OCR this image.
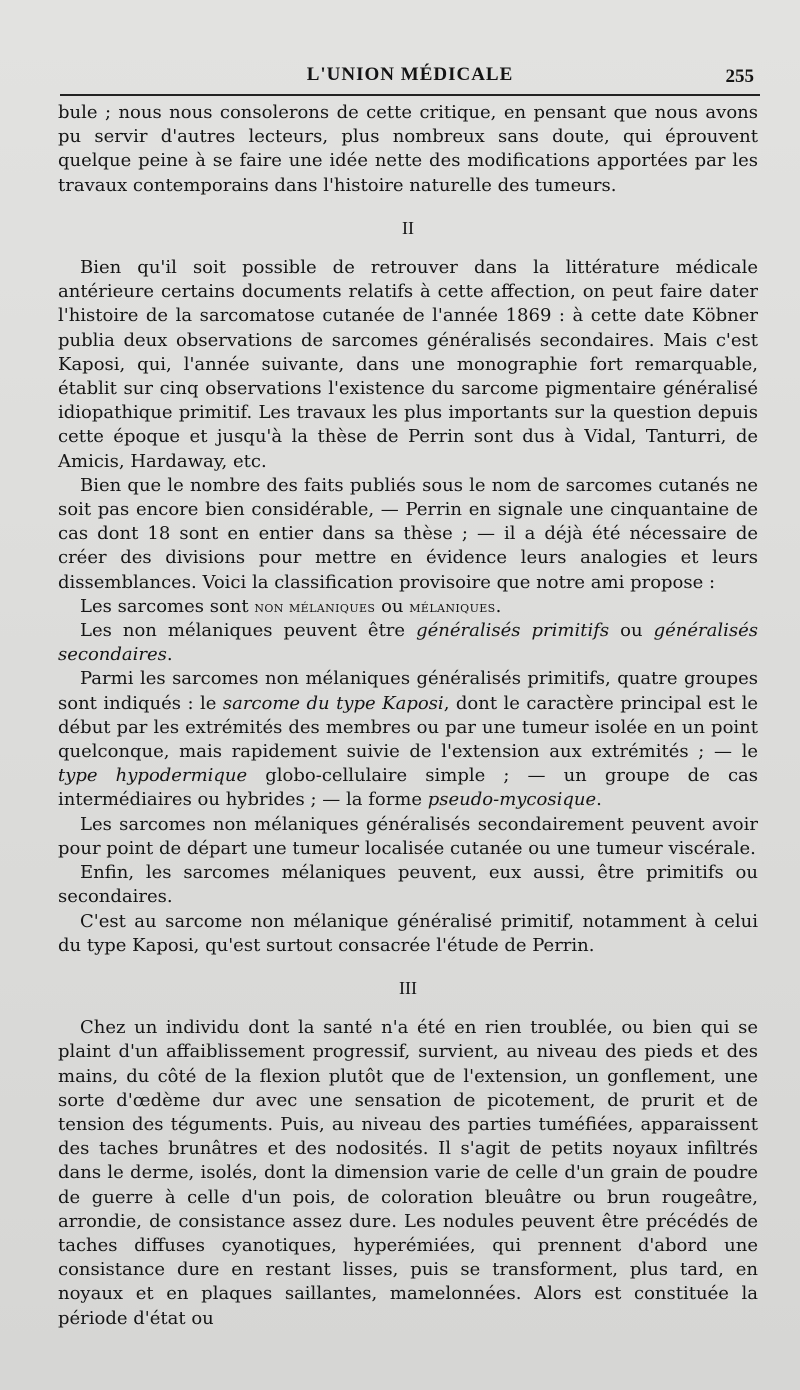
L'UNION MÉDICALE	255

bule ; nous nous consolerons de cette critique, en pensant que nous avons pu servir d'autres lecteurs, plus nombreux sans doute, qui éprouvent quelque peine à se faire une idée nette des modifications apportées par les travaux contemporains dans l'histoire naturelle des tumeurs.

II

Bien qu'il soit possible de retrouver dans la littérature médicale antérieure certains documents relatifs à cette affection, on peut faire dater l'histoire de la sarcomatose cutanée de l'année 1869 : à cette date Köbner publia deux observations de sarcomes généralisés secondaires. Mais c'est Kaposi, qui, l'année suivante, dans une monographie fort remarquable, établit sur cinq observations l'existence du sarcome pigmentaire généralisé idiopathique primitif. Les travaux les plus importants sur la question depuis cette époque et jusqu'à la thèse de Perrin sont dus à Vidal, Tanturri, de Amicis, Hardaway, etc.

Bien que le nombre des faits publiés sous le nom de sarcomes cutanés ne soit pas encore bien considérable, — Perrin en signale une cinquantaine de cas dont 18 sont en entier dans sa thèse ; — il a déjà été nécessaire de créer des divisions pour mettre en évidence leurs analogies et leurs dissemblances. Voici la classification provisoire que notre ami propose :

Les sarcomes sont non mélaniques ou mélaniques.

Les non mélaniques peuvent être généralisés primitifs ou généralisés secondaires.

Parmi les sarcomes non mélaniques généralisés primitifs, quatre groupes sont indiqués : le sarcome du type Kaposi, dont le caractère principal est le début par les extrémités des membres ou par une tumeur isolée en un point quelconque, mais rapidement suivie de l'extension aux extrémités ; — le type hypodermique globo-cellulaire simple ; — un groupe de cas intermédiaires ou hybrides ; — la forme pseudo-mycosique.

Les sarcomes non mélaniques généralisés secondairement peuvent avoir pour point de départ une tumeur localisée cutanée ou une tumeur viscérale.

Enfin, les sarcomes mélaniques peuvent, eux aussi, être primitifs ou secondaires.

C'est au sarcome non mélanique généralisé primitif, notamment à celui du type Kaposi, qu'est surtout consacrée l'étude de Perrin.

III

Chez un individu dont la santé n'a été en rien troublée, ou bien qui se plaint d'un affaiblissement progressif, survient, au niveau des pieds et des mains, du côté de la flexion plutôt que de l'extension, un gonflement, une sorte d'œdème dur avec une sensation de picotement, de prurit et de tension des téguments. Puis, au niveau des parties tuméfiées, apparaissent des taches brunâtres et des nodosités. Il s'agit de petits noyaux infiltrés dans le derme, isolés, dont la dimension varie de celle d'un grain de poudre de guerre à celle d'un pois, de coloration bleuâtre ou brun rougeâtre, arrondie, de consistance assez dure. Les nodules peuvent être précédés de taches diffuses cyanotiques, hyperémiées, qui prennent d'abord une consistance dure en restant lisses, puis se transforment, plus tard, en noyaux et en plaques saillantes, mamelonnées. Alors est constituée la période d'état ou
